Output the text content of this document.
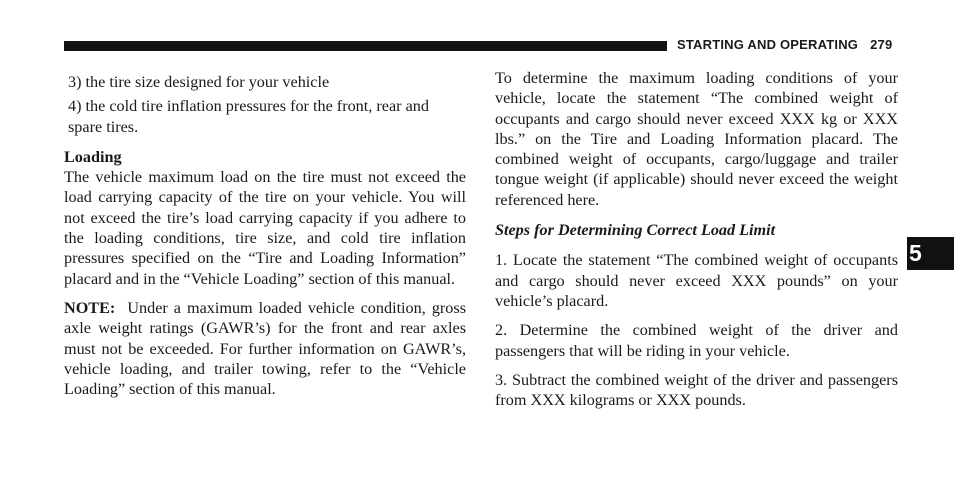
STARTING AND OPERATING 279

3) the tire size designed for your vehicle

4) the cold tire inflation pressures for the front, rear and spare tires.

Loading

The vehicle maximum load on the tire must not exceed the load carrying capacity of the tire on your vehicle. You will not exceed the tire’s load carrying capacity if you adhere to the loading conditions, tire size, and cold tire inflation pressures specified on the “Tire and Loading Information” placard and in the “Vehicle Loading” section of this manual.

NOTE: Under a maximum loaded vehicle condition, gross axle weight ratings (GAWR’s) for the front and rear axles must not be exceeded. For further information on GAWR’s, vehicle loading, and trailer towing, refer to the “Vehicle Loading” section of this manual.

To determine the maximum loading conditions of your vehicle, locate the statement “The combined weight of occupants and cargo should never exceed XXX kg or XXX lbs.” on the Tire and Loading Information placard. The combined weight of occupants, cargo/luggage and trailer tongue weight (if applicable) should never exceed the weight referenced here.

Steps for Determining Correct Load Limit

1. Locate the statement “The combined weight of occupants and cargo should never exceed XXX pounds” on your vehicle’s placard.

2. Determine the combined weight of the driver and passengers that will be riding in your vehicle.

3. Subtract the combined weight of the driver and passengers from XXX kilograms or XXX pounds.

5
